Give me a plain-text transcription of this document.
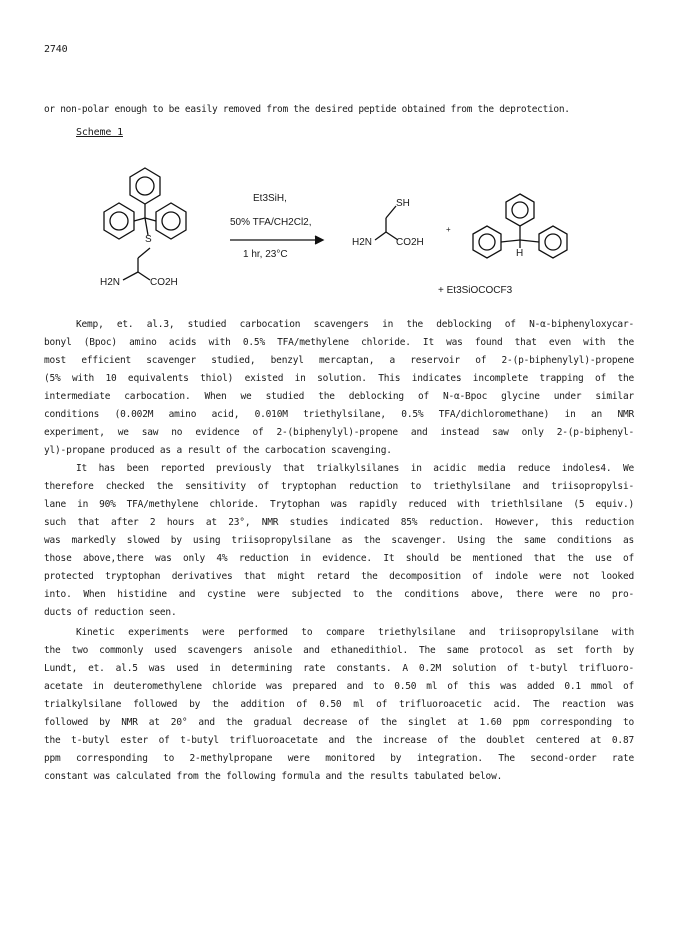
2740
or non-polar enough to be easily removed from the desired peptide obtained from the deprotection.
Scheme 1
S
H2N	CO2H
Et3SiH,
50% TFA/CH2Cl2,
1 hr, 23°C
SH
H2N CO2H
+
H
+ Et3SiOCOCF3
Kemp, et. al.3, studied carbocation scavengers in the deblocking of N-α-biphenyloxycar-
bonyl (Bpoc) amino acids with 0.5% TFA/methylene chloride. It was found that even with the
most efficient scavenger studied, benzyl mercaptan, a reservoir of 2-(p-biphenylyl)-propene
(5% with 10 equivalents thiol) existed in solution. This indicates incomplete trapping of the
intermediate carbocation. When we studied the deblocking of N-α-Bpoc glycine under similar
conditions (0.002M amino acid, 0.010M triethylsilane, 0.5% TFA/dichloromethane) in an NMR
experiment, we saw no evidence of 2-(biphenylyl)-propene and instead saw only 2-(p-biphenyl-
yl)-propane produced as a result of the carbocation scavenging.
It has been reported previously that trialkylsilanes in acidic media reduce indoles4. We
therefore checked the sensitivity of tryptophan reduction to triethylsilane and triisopropylsi-
lane in 90% TFA/methylene chloride. Trytophan was rapidly reduced with triethlsilane (5 equiv.)
such that after 2 hours at 23°, NMR studies indicated 85% reduction. However, this reduction
was markedly slowed by using triisopropylsilane as the scavenger. Using the same conditions as
those above,there was only 4% reduction in evidence. It should be mentioned that the use of
protected tryptophan derivatives that might retard the decomposition of indole were not looked
into. When histidine and cystine were subjected to the conditions above, there were no pro-
ducts of reduction seen.
Kinetic experiments were performed to compare triethylsilane and triisopropylsilane with
the two commonly used scavengers anisole and ethanedithiol. The same protocol as set forth by
Lundt, et. al.5 was used in determining rate constants. A 0.2M solution of t-butyl trifluoro-
acetate in deuteromethylene chloride was prepared and to 0.50 ml of this was added 0.1 mmol of
trialkylsilane followed by the addition of 0.50 ml of trifluoroacetic acid. The reaction was
followed by NMR at 20° and the gradual decrease of the singlet at 1.60 ppm corresponding to
the t-butyl ester of t-butyl trifluoroacetate and the increase of the doublet centered at 0.87
ppm corresponding to 2-methylpropane were monitored by integration. The second-order rate
constant was calculated from the following formula and the results tabulated below.
